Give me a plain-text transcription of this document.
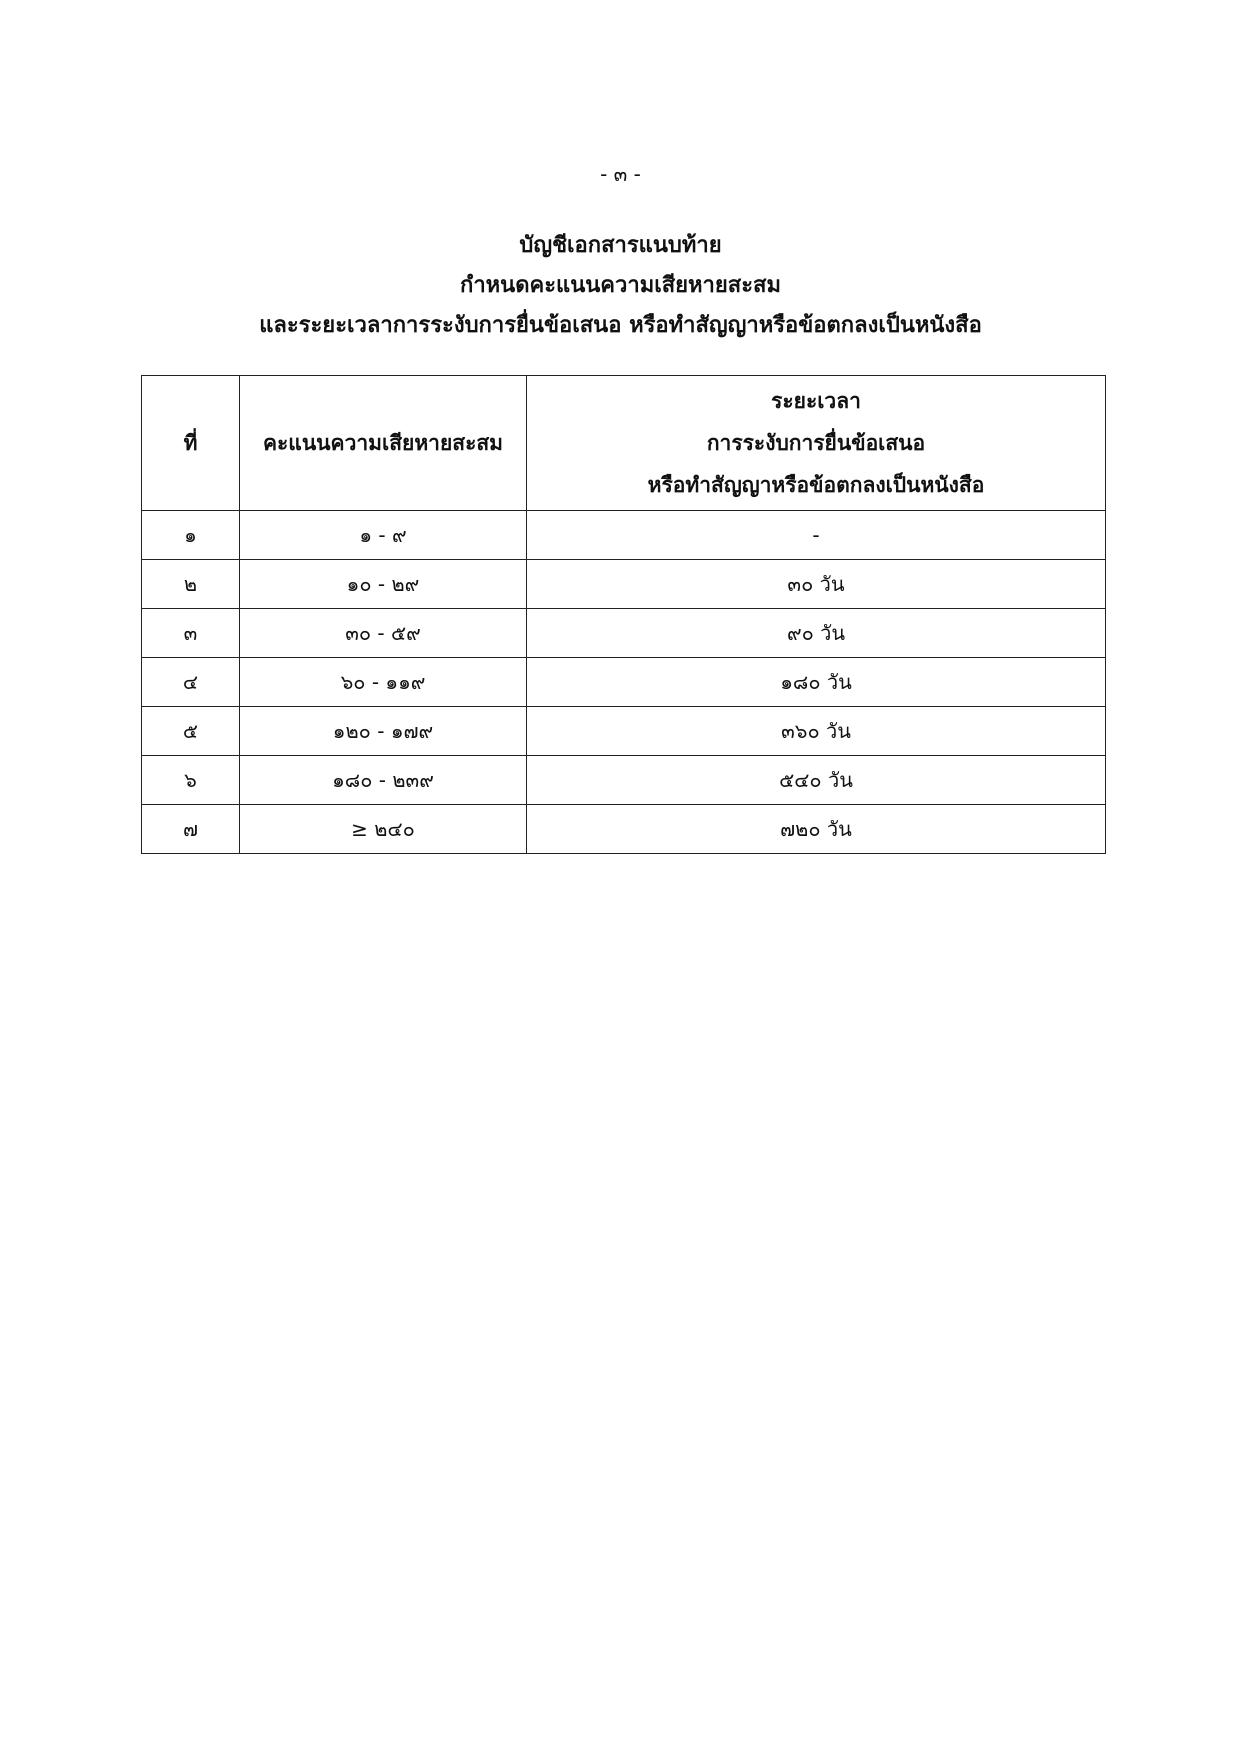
- ๓ -
บัญชีเอกสารแนบท้าย
กำหนดคะแนนความเสียหายสะสม
และระยะเวลาการระงับการยื่นข้อเสนอ หรือทำสัญญาหรือข้อตกลงเป็นหนังสือ
ที่	คะแนนความเสียหายสะสม	ระยะเวลา
การระงับการยื่นข้อเสนอ
หรือทำสัญญาหรือข้อตกลงเป็นหนังสือ

๑	๑ - ๙	-
๒	๑๐ - ๒๙	๓๐ วัน
๓	๓๐ - ๕๙	๙๐ วัน
๔	๖๐ - ๑๑๙	๑๘๐ วัน
๕	๑๒๐ - ๑๗๙	๓๖๐ วัน
๖	๑๘๐ - ๒๓๙	๕๔๐ วัน
๗	≥ ๒๔๐	๗๒๐ วัน
